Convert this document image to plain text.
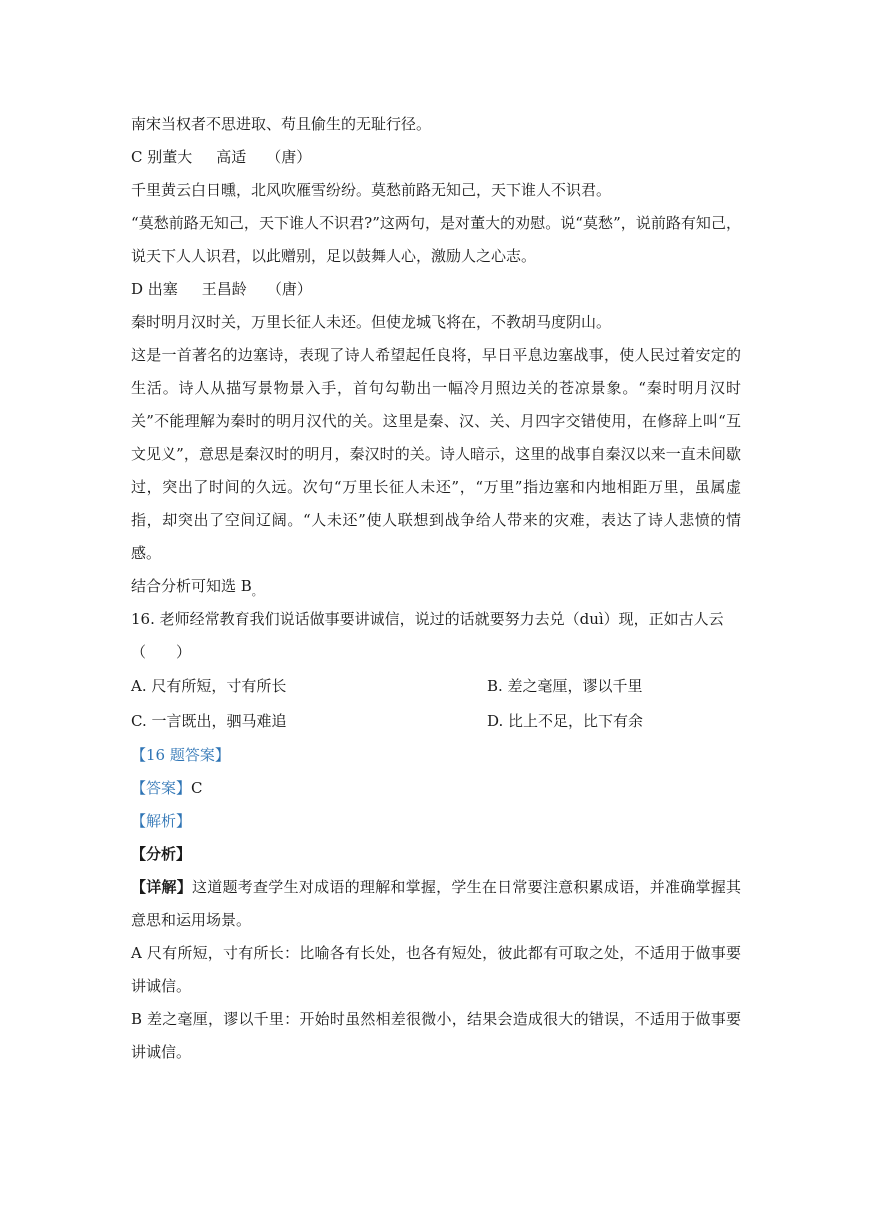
南宋当权者不思进取、苟且偷生的无耻行径。
C 别董大 高适 （唐）
千里黄云白日曛，北风吹雁雪纷纷。莫愁前路无知己，天下谁人不识君。
“莫愁前路无知己，天下谁人不识君?”这两句，是对董大的劝慰。说“莫愁”，说前路有知己，说天下人人识君，以此赠别，足以鼓舞人心，激励人之心志。
D 出塞 王昌龄 （唐）
秦时明月汉时关，万里长征人未还。但使龙城飞将在，不教胡马度阴山。
这是一首著名的边塞诗，表现了诗人希望起任良将，早日平息边塞战事，使人民过着安定的生活。诗人从描写景物景入手，首句勾勒出一幅冷月照边关的苍凉景象。“秦时明月汉时关”不能理解为秦时的明月汉代的关。这里是秦、汉、关、月四字交错使用，在修辞上叫“互文见义”，意思是秦汉时的明月，秦汉时的关。诗人暗示，这里的战事自秦汉以来一直未间歇过，突出了时间的久远。次句“万里长征人未还”，“万里”指边塞和内地相距万里，虽属虚指，却突出了空间辽阔。“人未还”使人联想到战争给人带来的灾难，表达了诗人悲愤的情感。
结合分析可知选 $B_。$
16. 老师经常教育我们说话做事要讲诚信，说过的话就要努力去兑（duì）现，正如古人云
（　　）
A. 尺有所短，寸有所长	B. 差之毫厘，谬以千里
C. 一言既出，驷马难追	D. 比上不足，比下有余
【16 题答案】
【答案】C
【解析】
【分析】
【详解】这道题考查学生对成语的理解和掌握，学生在日常要注意积累成语，并准确掌握其意思和运用场景。
A 尺有所短，寸有所长：比喻各有长处，也各有短处，彼此都有可取之处，不适用于做事要讲诚信。
B 差之毫厘，谬以千里：开始时虽然相差很微小，结果会造成很大的错误，不适用于做事要讲诚信。
